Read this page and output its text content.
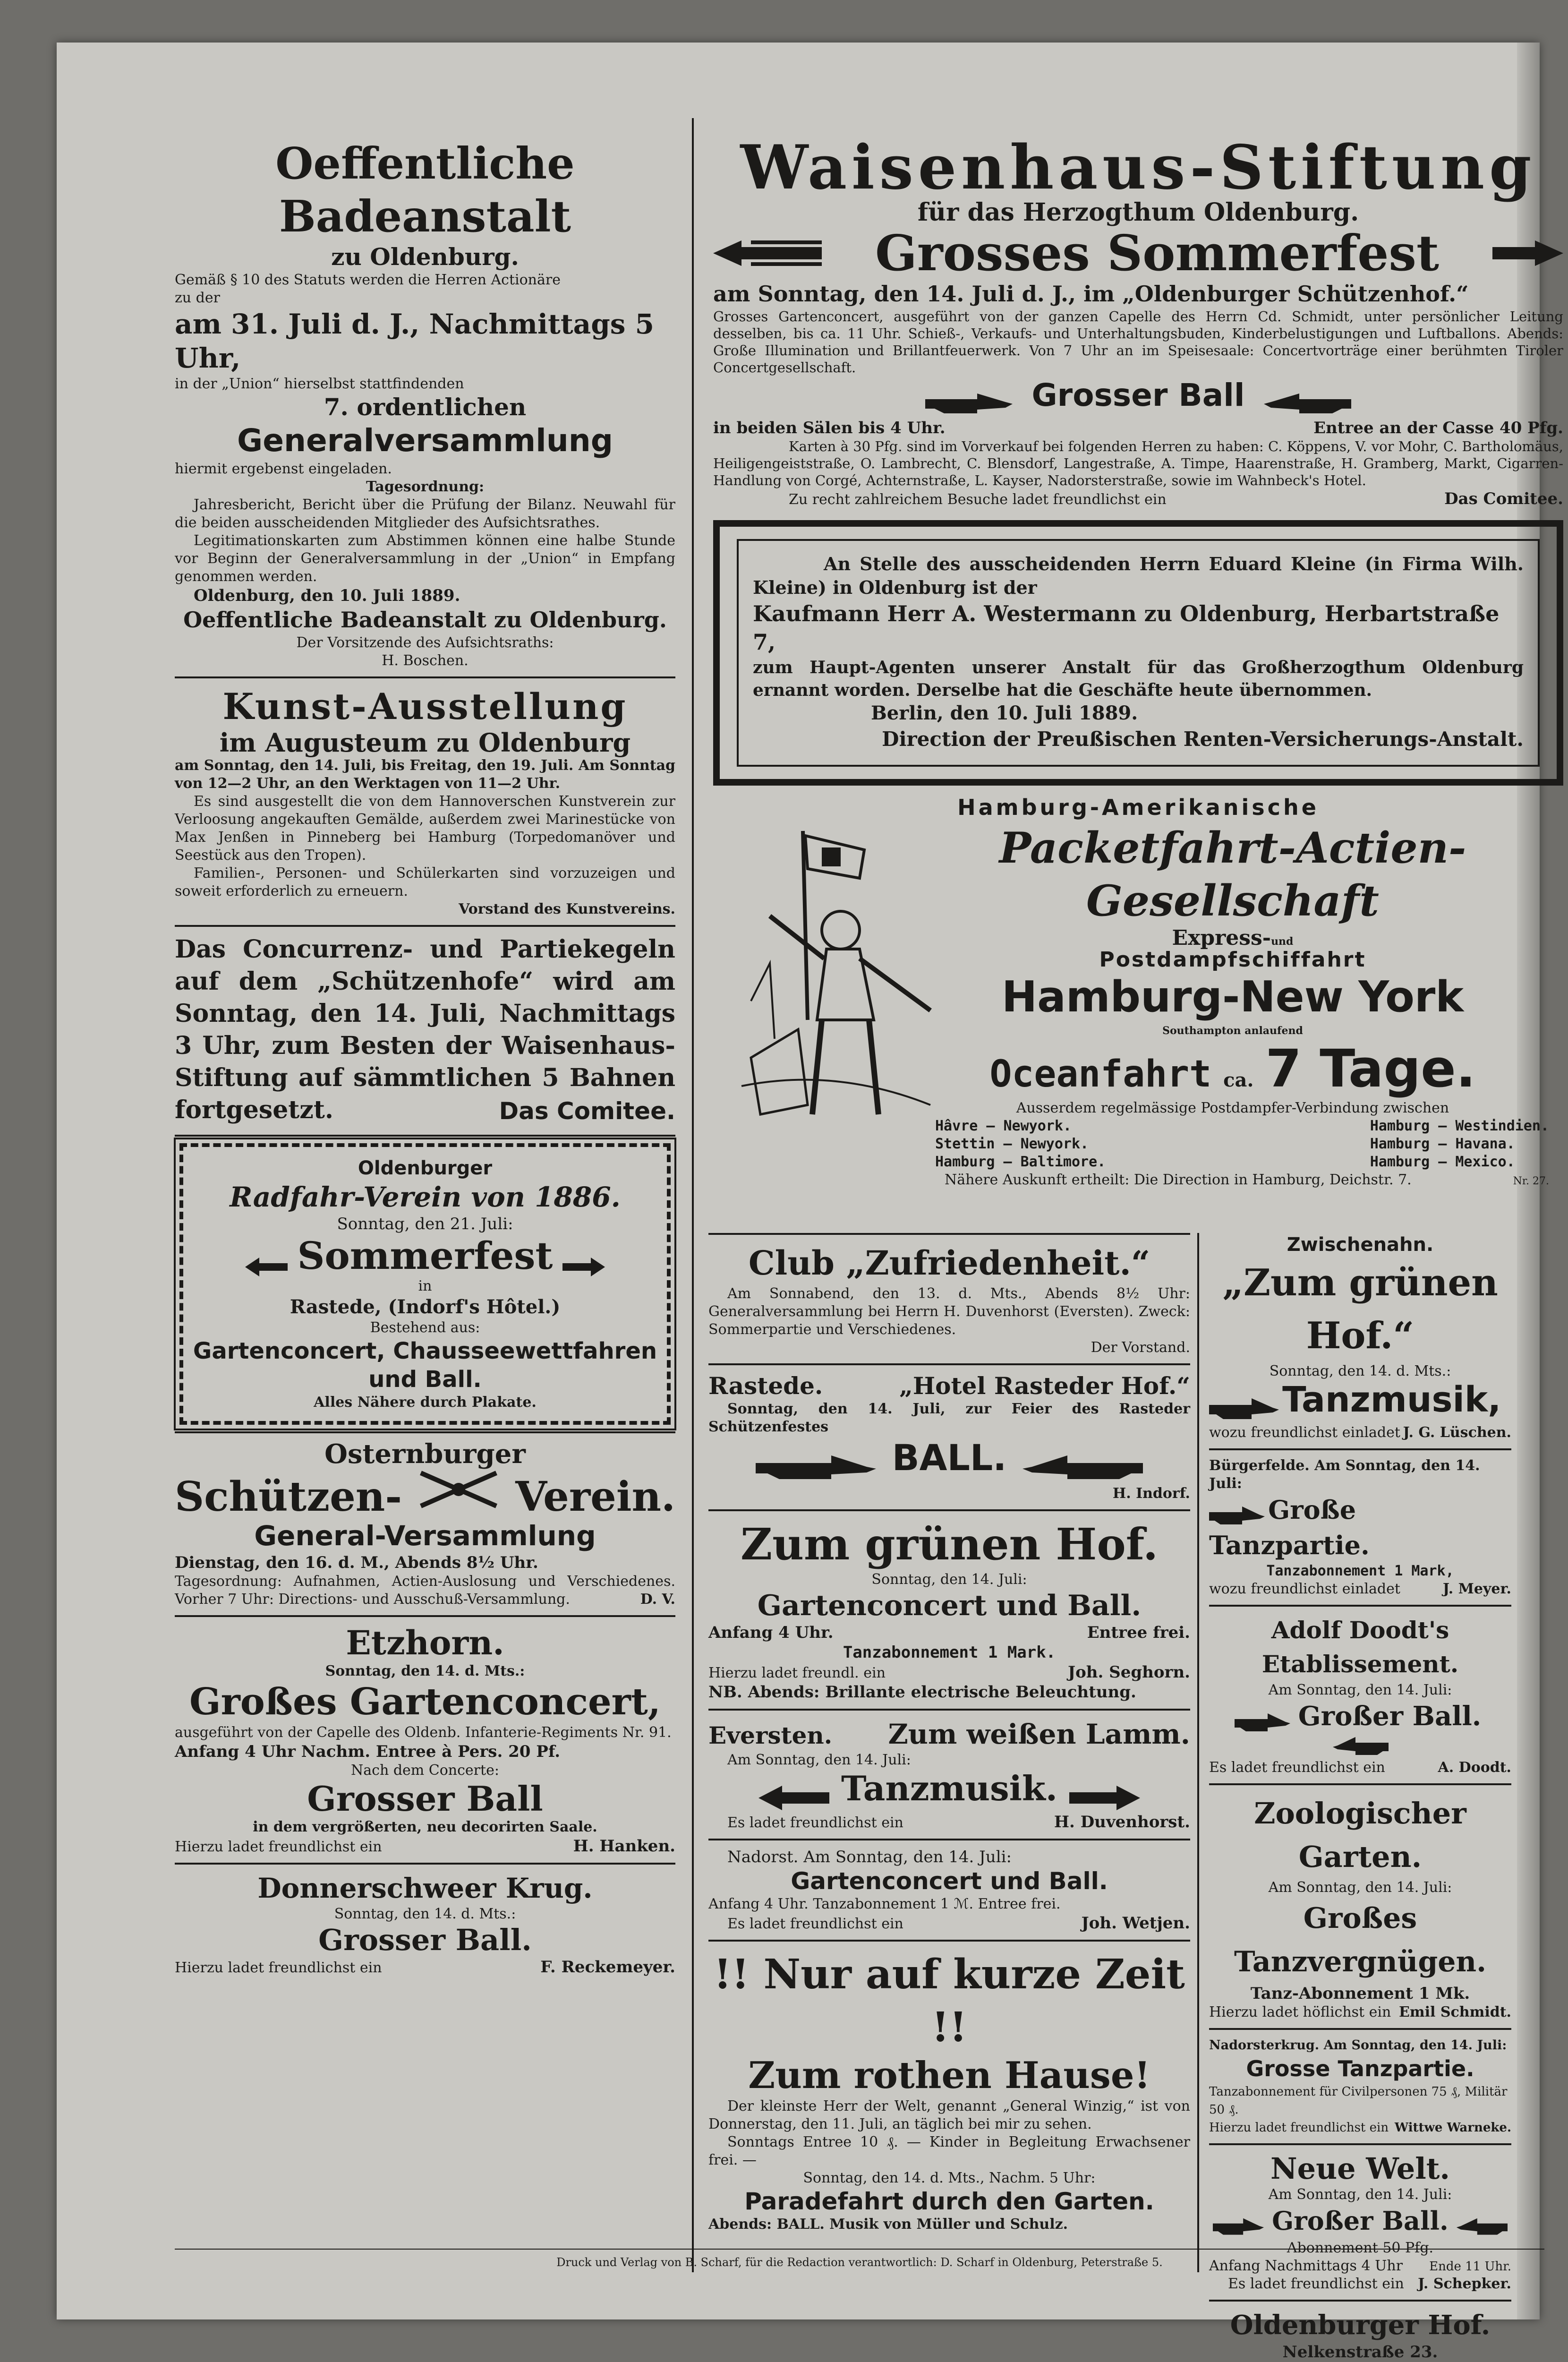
Oeffentliche Badeanstalt

zu Oldenburg.

Gemäß § 10 des Statuts werden die Herren Actionäre

zu der

am 31. Juli d. J., Nachmittags 5 Uhr,

in der „Union“ hierselbst stattfindenden

7. ordentlichen

Generalversammlung

hiermit ergebenst eingeladen.

Tagesordnung:

Jahresbericht, Bericht über die Prüfung der Bilanz. Neuwahl für die beiden ausscheidenden Mitglieder des Aufsichtsrathes.

Legitimationskarten zum Abstimmen können eine halbe Stunde vor Beginn der Generalversammlung in der „Union“ in Empfang genommen werden.

Oldenburg, den 10. Juli 1889.

Oeffentliche Badeanstalt zu Oldenburg.

Der Vorsitzende des Aufsichtsraths:

H. Boschen.

Kunst-Ausstellung

im Augusteum zu Oldenburg

am Sonntag, den 14. Juli, bis Freitag, den 19. Juli. Am Sonntag von 12—2 Uhr, an den Werktagen von 11—2 Uhr.

Es sind ausgestellt die von dem Hannoverschen Kunstverein zur Verloosung angekauften Gemälde, außerdem zwei Marinestücke von Max Jenßen in Pinneberg bei Hamburg (Torpedomanöver und Seestück aus den Tropen).

Familien-, Personen- und Schülerkarten sind vorzuzeigen und soweit erforderlich zu erneuern.

Vorstand des Kunstvereins.

Das Concurrenz- und Partiekegeln auf dem „Schützenhofe“ wird am Sonntag, den 14. Juli, Nachmittags 3 Uhr, zum Besten der Waisenhaus-Stiftung auf sämmtlichen 5 Bahnen fortgesetzt.	Das Comitee.

Oldenburger

Radfahr-Verein von 1886.

Sonntag, den 21. Juli:

Sommerfest

in

Rastede, (Indorf's Hôtel.)

Bestehend aus:

Gartenconcert, Chausseewettfahren und Ball.

Alles Nähere durch Plakate.

Osternburger

Schützen-	Verein.

General-Versammlung

Dienstag, den 16. d. M., Abends 8½ Uhr.

Tagesordnung: Aufnahmen, Actien-Auslosung und Verschiedenes. Vorher 7 Uhr: Directions- und Ausschuß-Versammlung.	D. V.

Etzhorn.

Sonntag, den 14. d. Mts.:

Großes Gartenconcert,

ausgeführt von der Capelle des Oldenb. Infanterie-Regiments Nr. 91.

Anfang 4 Uhr Nachm. Entree à Pers. 20 Pf.

Nach dem Concerte:

Grosser Ball

in dem vergrößerten, neu decorirten Saale.

Hierzu ladet freundlichst ein	H. Hanken.

Donnerschweer Krug.

Sonntag, den 14. d. Mts.:

Grosser Ball.

Hierzu ladet freundlichst ein	F. Reckemeyer.

Waisenhaus-Stiftung

für das Herzogthum Oldenburg.

Grosses Sommerfest

am Sonntag, den 14. Juli d. J., im „Oldenburger Schützenhof.“

Grosses Gartenconcert, ausgeführt von der ganzen Capelle des Herrn Cd. Schmidt, unter persönlicher Leitung desselben, bis ca. 11 Uhr. Schieß-, Verkaufs- und Unterhaltungsbuden, Kinderbelustigungen und Luftballons. Abends: Große Illumination und Brillantfeuerwerk. Von 7 Uhr an im Speisesaale: Concertvorträge einer berühmten Tiroler Concertgesellschaft.

Grosser Ball
in beiden Sälen bis 4 Uhr.	Entree an der Casse 40 Pfg.

Karten à 30 Pfg. sind im Vorverkauf bei folgenden Herren zu haben: C. Köppens, V. vor Mohr, C. Bartholomäus, Heiligengeiststraße, O. Lambrecht, C. Blensdorf, Langestraße, A. Timpe, Haarenstraße, H. Gramberg, Markt, Cigarren-Handlung von Corgé, Achternstraße, L. Kayser, Nadorsterstraße, sowie im Wahnbeck's Hotel.

Zu recht zahlreichem Besuche ladet freundlichst ein	Das Comitee.

An Stelle des ausscheidenden Herrn Eduard Kleine (in Firma Wilh. Kleine) in Oldenburg ist der

Kaufmann Herr A. Westermann zu Oldenburg, Herbartstraße 7,

zum Haupt-Agenten unserer Anstalt für das Großherzogthum Oldenburg ernannt worden. Derselbe hat die Geschäfte heute übernommen.

Berlin, den 10. Juli 1889.

Direction der Preußischen Renten-Versicherungs-Anstalt.

Hamburg-Amerikanische

Packetfahrt-Actien-Gesellschaft

Express-und

Postdampfschiffahrt

Hamburg-New York

Southampton anlaufend

Oceanfahrt ca. 7 Tage.

Ausserdem regelmässige Postdampfer-Verbindung zwischen

Hâvre — Newyork.

Stettin — Newyork.

Hamburg — Baltimore.

Hamburg — Westindien.

Hamburg — Havana.

Hamburg — Mexico.

Nähere Auskunft ertheilt: Die Direction in Hamburg, Deichstr. 7.	Nr. 27.

Club „Zufriedenheit.“

Am Sonnabend, den 13. d. Mts., Abends 8½ Uhr: Generalversammlung bei Herrn H. Duvenhorst (Eversten). Zweck: Sommerpartie und Verschiedenes.

Der Vorstand.

Rastede.	„Hotel Rasteder Hof.“

Sonntag, den 14. Juli, zur Feier des Rasteder Schützenfestes

BALL.

H. Indorf.

Zum grünen Hof.

Sonntag, den 14. Juli:

Gartenconcert und Ball.

Anfang 4 Uhr.	Entree frei.

Tanzabonnement 1 Mark.

Hierzu ladet freundl. ein	Joh. Seghorn.

NB. Abends: Brillante electrische Beleuchtung.

Eversten. Zum weißen Lamm.

Am Sonntag, den 14. Juli:

Tanzmusik.
Es ladet freundlichst ein	H. Duvenhorst.

Nadorst. Am Sonntag, den 14. Juli:

Gartenconcert und Ball.

Anfang 4 Uhr. Tanzabonnement 1 ℳ. Entree frei.

Es ladet freundlichst ein	Joh. Wetjen.

!! Nur auf kurze Zeit !!

Zum rothen Hause!

Der kleinste Herr der Welt, genannt „General Winzig,“ ist von Donnerstag, den 11. Juli, an täglich bei mir zu sehen.

Sonntags Entree 10 ₰. — Kinder in Begleitung Erwachsener frei. —

Sonntag, den 14. d. Mts., Nachm. 5 Uhr:

Paradefahrt durch den Garten.

Abends: BALL. Musik von Müller und Schulz.

Zwischenahn.

„Zum grünen Hof.“

Sonntag, den 14. d. Mts.:

Tanzmusik,
wozu freundlichst einladet J. G. Lüschen.

Bürgerfelde. Am Sonntag, den 14. Juli:

Große Tanzpartie.

Tanzabonnement 1 Mark,

wozu freundlichst einladet	J. Meyer.

Adolf Doodt's Etablissement.

Am Sonntag, den 14. Juli:

Großer Ball.
Es ladet freundlichst ein	A. Doodt.

Zoologischer Garten.

Am Sonntag, den 14. Juli:

Großes Tanzvergnügen.

Tanz-Abonnement 1 Mk.

Hierzu ladet höflichst ein Emil Schmidt.

Nadorsterkrug. Am Sonntag, den 14. Juli:

Grosse Tanzpartie.

Tanzabonnement für Civilpersonen 75 ₰, Militär 50 ₰.

Hierzu ladet freundlichst ein Wittwe Warneke.

Neue Welt.

Am Sonntag, den 14. Juli:

Großer Ball.

Abonnement 50 Pfg.

Anfang Nachmittags 4 Uhr Ende 11 Uhr.
Es ladet freundlichst ein J. Schepker.

Oldenburger Hof.

Nelkenstraße 23.

Druck und Verlag von B. Scharf, für die Redaction verantwortlich: D. Scharf in Oldenburg, Peterstraße 5.
